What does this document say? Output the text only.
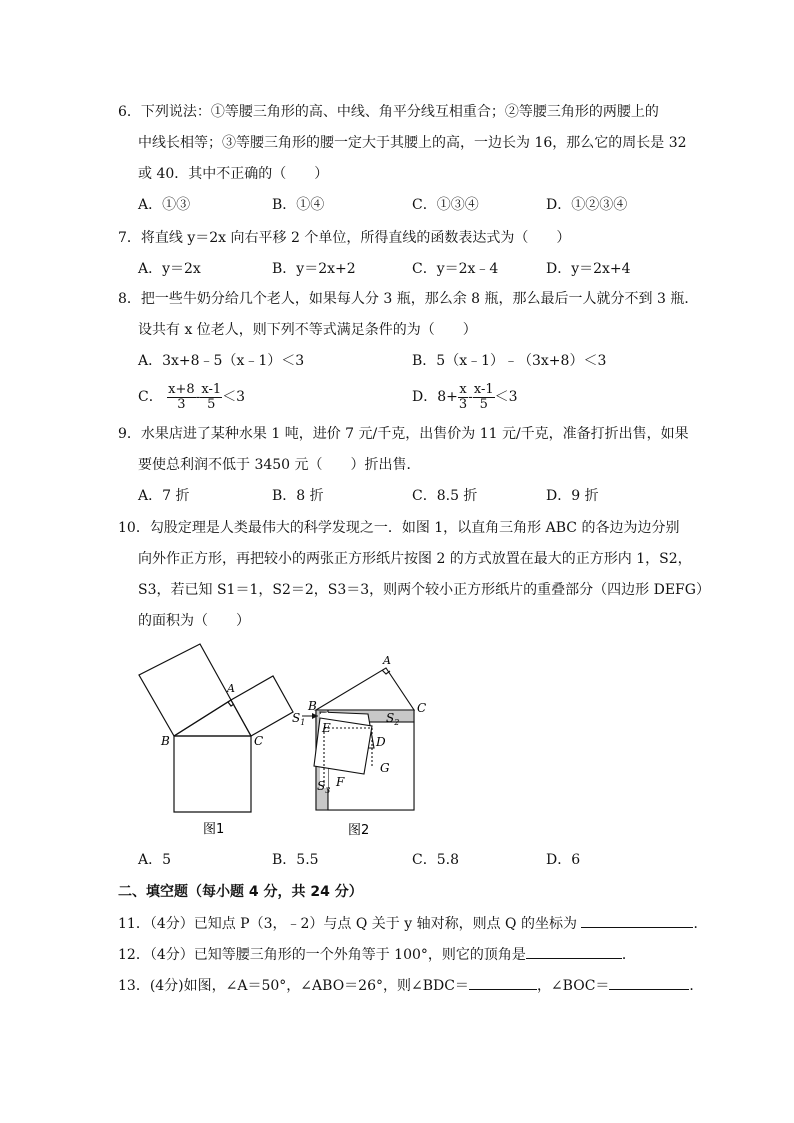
6．下列说法：①等腰三角形的高、中线、角平分线互相重合；②等腰三角形的两腰上的
中线长相等；③等腰三角形的腰一定大于其腰上的高，一边长为 16，那么它的周长是 32
或 40．其中不正确的（　　）
A．①③	B．①④	C．①③④	D．①②③④
7．将直线 y＝2x 向右平移 2 个单位，所得直线的函数表达式为（　　）
A．y＝2x	B．y＝2x+2	C．y＝2x﹣4	D．y＝2x+4
8．把一些牛奶分给几个老人，如果每人分 3 瓶，那么余 8 瓶，那么最后一人就分不到 3 瓶．
设共有 x 位老人，则下列不等式满足条件的为（　　）
A．3x+8﹣5（x﹣1）＜3	B．5（x﹣1）﹣（3x+8）＜3
C． $\frac{x+8}{3} - \frac{x-1}{5} <3$	D．$8+ \frac{x}{3} - \frac{x-1}{5} <3$
9．水果店进了某种水果 1 吨，进价 7 元/千克，出售价为 11 元/千克，准备打折出售，如果
要使总利润不低于 3450 元（　　）折出售．
A．7 折	B．8 折	C．8.5 折	D．9 折
10．勾股定理是人类最伟大的科学发现之一．如图 1，以直角三角形 ABC 的各边为边分别
向外作正方形，再把较小的两张正方形纸片按图 2 的方式放置在最大的正方形内 1，S2，
S3，若已知 S1＝1，S2＝2，S3＝3，则两个较小正方形纸片的重叠部分（四边形 DEFG）
的面积为（　　）
A
B	C
图1
A
B	C
$S_1$	$S_2$
E
D
G
F
$S_3$
图2
A．5	B．5.5	C．5.8	D．6
二、填空题（每小题 4 分，共 24 分）
11．（4分）已知点 P（3，﹣2）与点 Q 关于 y 轴对称，则点 Q 的坐标为	．
12．（4分）已知等腰三角形的一个外角等于 100°，则它的顶角是	．
13．(4分)如图，∠A＝50°，∠ABO＝26°，则∠BDC＝	，∠BOC＝	．
